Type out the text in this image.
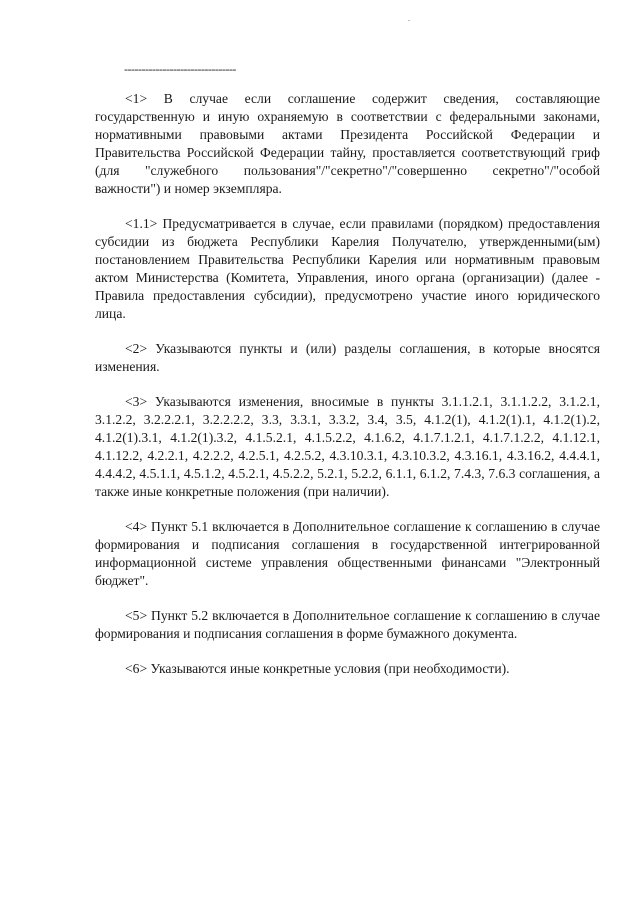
--------------------------------

<1> В случае если соглашение содержит сведения, составляющие государственную и иную охраняемую в соответствии с федеральными законами, нормативными правовыми актами Президента Российской Федерации и Правительства Российской Федерации тайну, проставляется соответствующий гриф (для "служебного пользования"/"секретно"/"совершенно секретно"/"особой важности") и номер экземпляра.

<1.1> Предусматривается в случае, если правилами (порядком) предоставления субсидии из бюджета Республики Карелия Получателю, утвержденными(ым) постановлением Правительства Республики Карелия или нормативным правовым актом Министерства (Комитета, Управления, иного органа (организации) (далее - Правила предоставления субсидии), предусмотрено участие иного юридического лица.

<2> Указываются пункты и (или) разделы соглашения, в которые вносятся изменения.

<3> Указываются изменения, вносимые в пункты 3.1.1.2.1, 3.1.1.2.2, 3.1.2.1, 3.1.2.2, 3.2.2.2.1, 3.2.2.2.2, 3.3, 3.3.1, 3.3.2, 3.4, 3.5, 4.1.2(1), 4.1.2(1).1, 4.1.2(1).2, 4.1.2(1).3.1, 4.1.2(1).3.2, 4.1.5.2.1, 4.1.5.2.2, 4.1.6.2, 4.1.7.1.2.1, 4.1.7.1.2.2, 4.1.12.1, 4.1.12.2, 4.2.2.1, 4.2.2.2, 4.2.5.1, 4.2.5.2, 4.3.10.3.1, 4.3.10.3.2, 4.3.16.1, 4.3.16.2, 4.4.4.1, 4.4.4.2, 4.5.1.1, 4.5.1.2, 4.5.2.1, 4.5.2.2, 5.2.1, 5.2.2, 6.1.1, 6.1.2, 7.4.3, 7.6.3 соглашения, а также иные конкретные положения (при наличии).

<4> Пункт 5.1 включается в Дополнительное соглашение к соглашению в случае формирования и подписания соглашения в государственной интегрированной информационной системе управления общественными финансами "Электронный бюджет".

<5> Пункт 5.2 включается в Дополнительное соглашение к соглашению в случае формирования и подписания соглашения в форме бумажного документа.

<6> Указываются иные конкретные условия (при необходимости).
